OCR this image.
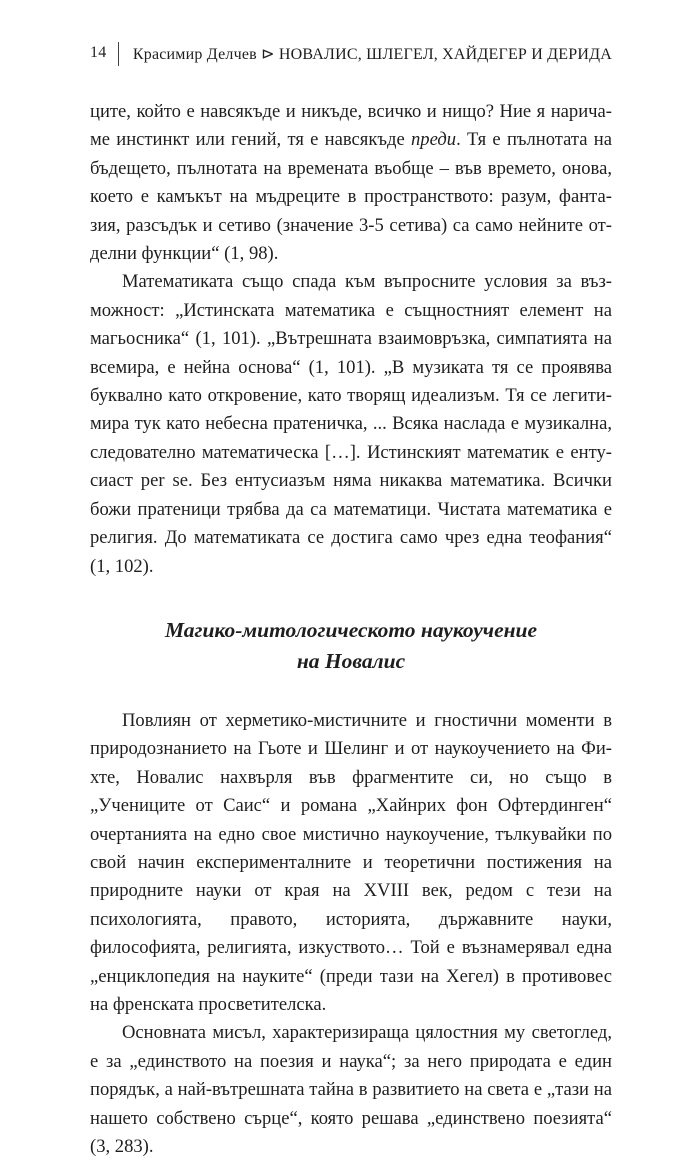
14 Красимир Делчев ⊳ НОВАЛИС, ШЛЕГЕЛ, ХАЙДЕГЕР И ДЕРИДА

ците, който е навсякъде и никъде, всичко и нищо? Ние я наричаме инстинкт или гений, тя е навсякъде преди. Тя е пълнотата на бъдещето, пълнотата на времената въобще – във времето, онова, което е камъкът на мъдреците в пространството: разум, фантазия, разсъдък и сетиво (значение 3-5 сетива) са само нейните отделни функции“ (1, 98).

Математиката също спада към въпросните условия за възможност: „Истинската математика е същностният елемент на магьосника“ (1, 101). „Вътрешната взаимовръзка, симпатията на всемира, е нейна основа“ (1, 101). „В музиката тя се проявява буквално като откровение, като творящ идеализъм. Тя се легитимира тук като небесна пратеничка, ... Всяка наслада е музикална, следователно математическа […]. Истинският математик е ентусиаст per se. Без ентусиазъм няма никаква математика. Всички божи пратеници трябва да са математици. Чистата математика е религия. До математиката се достига само чрез една теофания“ (1, 102).

Магико-митологическото наукоучение
на Новалис

Повлиян от херметико-мистичните и гностични моменти в природознанието на Гьоте и Шелинг и от наукоучението на Фихте, Новалис нахвърля във фрагментите си, но също в „Учениците от Саис“ и романа „Хайнрих фон Офтердинген“ очертанията на едно свое мистично наукоучение, тълкувайки по свой начин експерименталните и теоретични постижения на природните науки от края на XVIII век, редом с тези на психологията, правото, историята, държавните науки, философията, религията, изкуството… Той е възнамерявал една „енциклопедия на науките“ (преди тази на Хегел) в противовес на френската просветителска.

Основната мисъл, характеризираща цялостния му светоглед, е за „единството на поезия и наука“; за него природата е един порядък, а най-вътрешната тайна в развитието на света е „тази на нашето собствено сърце“, която решава „единствено поезията“ (3, 283).
